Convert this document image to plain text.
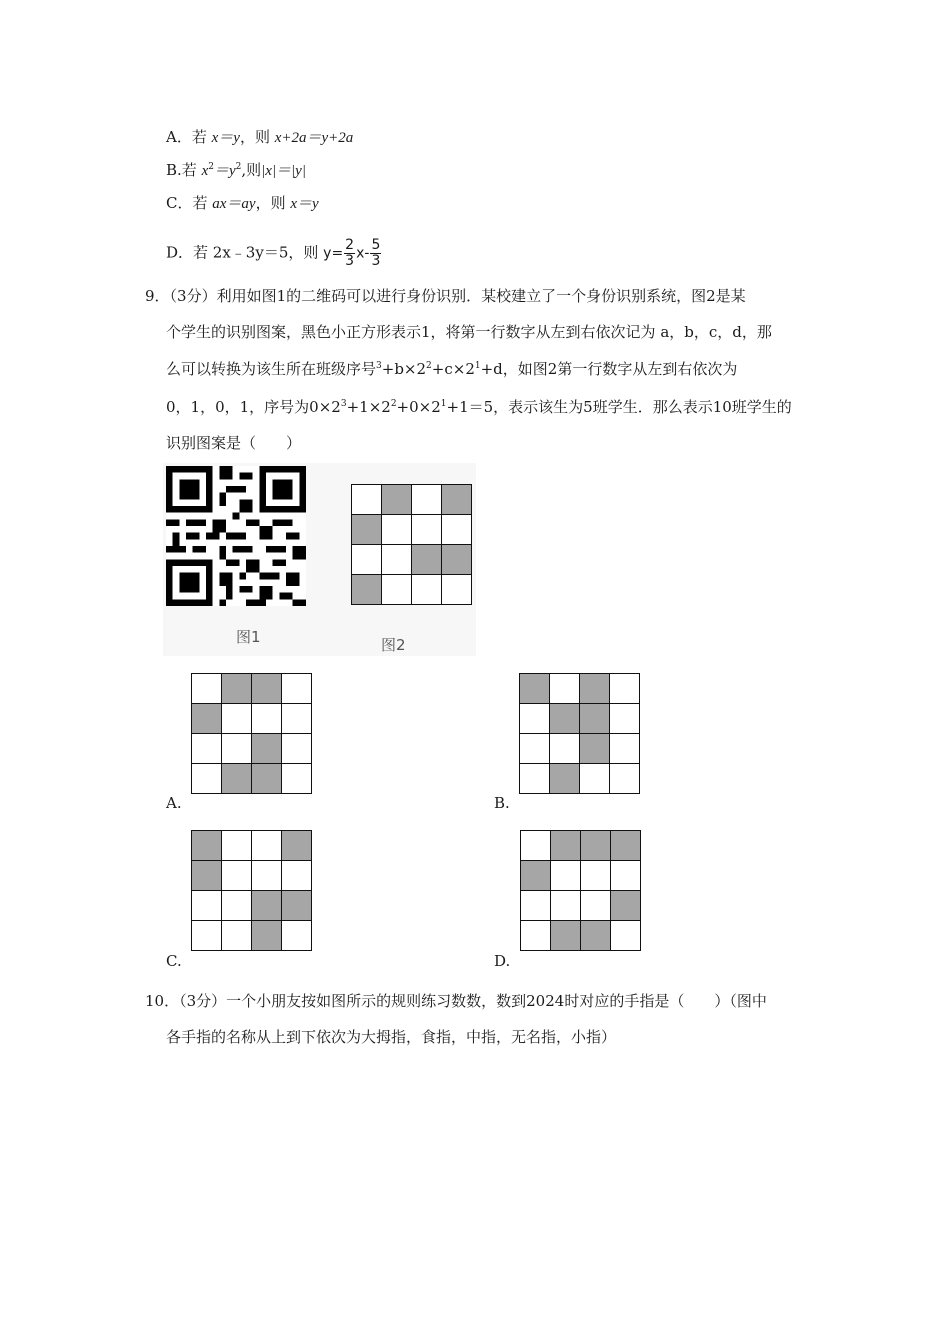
A．若 x＝y，则 x+2a＝y+2a
B.若 $x^2=y^2$,则|x|＝|y|
C．若 ax＝ay，则 x＝y
D．若 2x﹣3y＝5，则 $y= \frac{2}{3} x- \frac{5}{3}$
9．（3分）利用如图1的二维码可以进行身份识别．某校建立了一个身份识别系统，图2是某
个学生的识别图案，黑色小正方形表示1，将第一行数字从左到右依次记为 a，b，c，d，那
么可以转换为该生所在班级序号$^3+b\times 2^2+c\times 2^1+d$，如图2第一行数字从左到右依次为
0，1，0，1，序号为$0\times 2^3+1\times 2^2+0\times 2^1+1=5$，表示该生为5班学生．那么表示10班学生的
识别图案是（　　）
图1	图2
A.	B.
C.	D.
10．（3分）一个小朋友按如图所示的规则练习数数，数到2024时对应的手指是（　　）（图中
各手指的名称从上到下依次为大拇指，食指，中指，无名指，小指）
